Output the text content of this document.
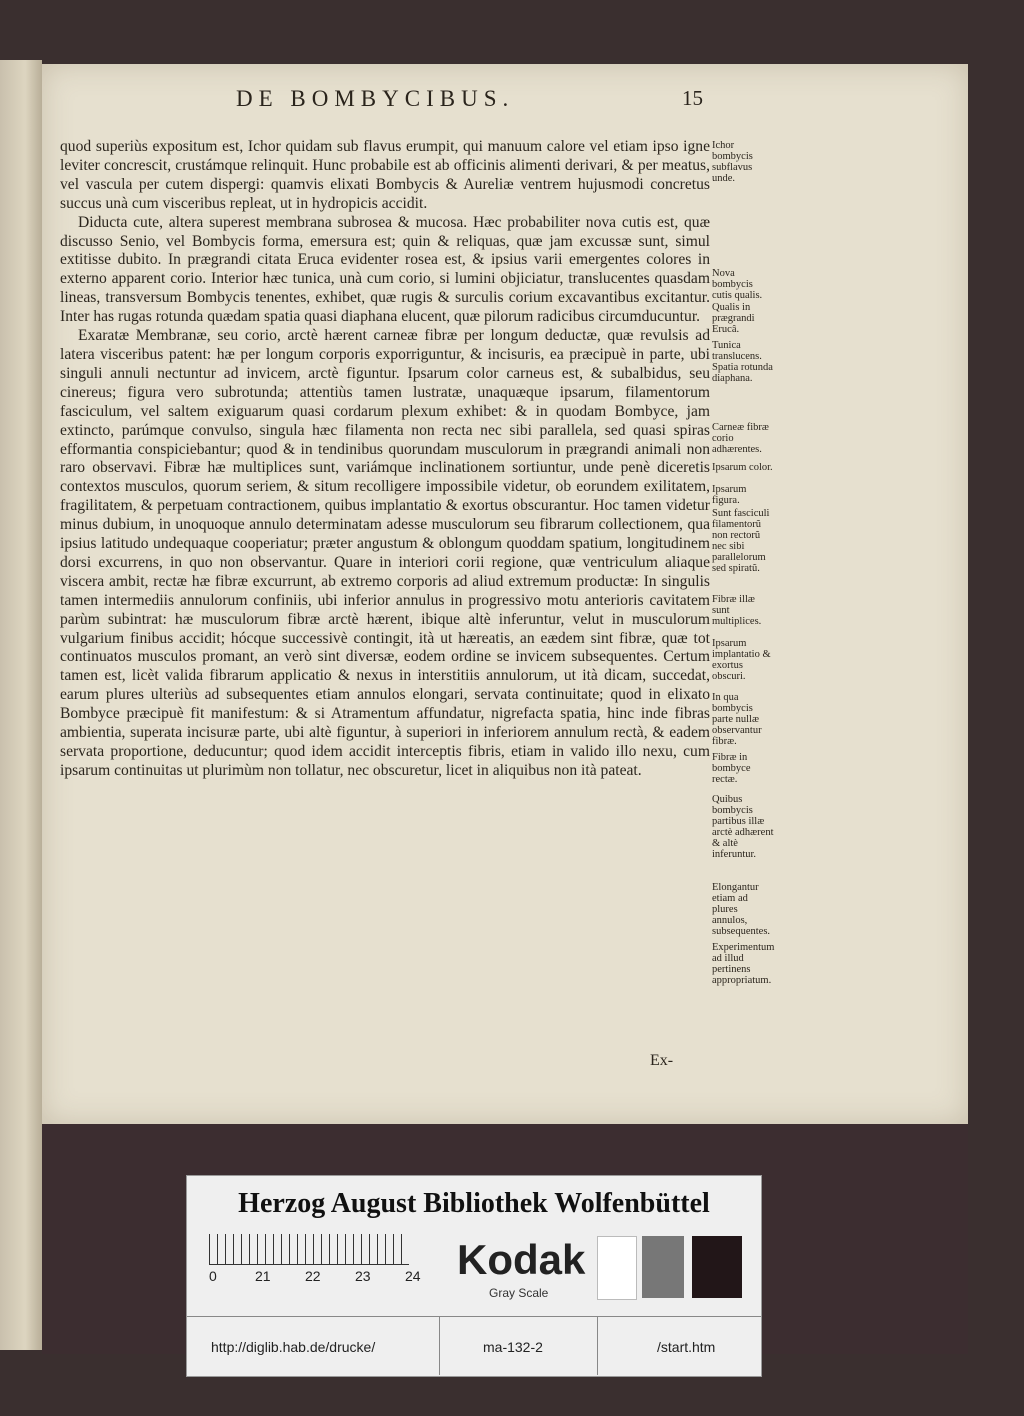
DE BOMBYCIBUS.	15

quod superiùs expositum est, Ichor quidam sub flavus erumpit, qui manuum calore vel etiam ipso igne leviter concrescit, crustámque relinquit. Hunc probabile est ab officinis alimenti derivari, & per meatus, vel vascula per cutem dispergi: quamvis elixati Bombycis & Aureliæ ventrem hujusmodi concretus succus unà cum visceribus repleat, ut in hydropicis accidit.

Diducta cute, altera superest membrana subrosea & mucosa. Hæc probabiliter nova cutis est, quæ discusso Senio, vel Bombycis forma, emersura est; quin & reliquas, quæ jam excussæ sunt, simul extitisse dubito. In prægrandi citata Eruca evidenter rosea est, & ipsius varii emergentes colores in externo apparent corio. Interior hæc tunica, unà cum corio, si lumini objiciatur, translucentes quasdam lineas, transversum Bombycis tenentes, exhibet, quæ rugis & surculis corium excavantibus excitantur. Inter has rugas rotunda quædam spatia quasi diaphana elucent, quæ pilorum radicibus circumducuntur.

Exaratæ Membranæ, seu corio, arctè hærent carneæ fibræ per longum deductæ, quæ revulsis ad latera visceribus patent: hæ per longum corporis exporriguntur, & incisuris, ea præcipuè in parte, ubi singuli annuli nectuntur ad invicem, arctè figuntur. Ipsarum color carneus est, & subalbidus, seu cinereus; figura vero subrotunda; attentiùs tamen lustratæ, unaquæque ipsarum, filamentorum fasciculum, vel saltem exiguarum quasi cordarum plexum exhibet: & in quodam Bombyce, jam extincto, parúmque convulso, singula hæc filamenta non recta nec sibi parallela, sed quasi spiras efformantia conspiciebantur; quod & in tendinibus quorundam musculorum in prægrandi animali non raro observavi. Fibræ hæ multiplices sunt, variámque inclinationem sortiuntur, unde penè diceretis contextos musculos, quorum seriem, & situm recolligere impossibile videtur, ob eorundem exilitatem, fragilitatem, & perpetuam contractionem, quibus implantatio & exortus obscurantur. Hoc tamen videtur minus dubium, in unoquoque annulo determinatam adesse musculorum seu fibrarum collectionem, qua ipsius latitudo undequaque cooperiatur; præter angustum & oblongum quoddam spatium, longitudinem dorsi excurrens, in quo non observantur. Quare in interiori corii regione, quæ ventriculum aliaque viscera ambit, rectæ hæ fibræ excurrunt, ab extremo corporis ad aliud extremum productæ: In singulis tamen intermediis annulorum confiniis, ubi inferior annulus in progressivo motu anterioris cavitatem parùm subintrat: hæ musculorum fibræ arctè hærent, ibique altè inferuntur, velut in musculorum vulgarium finibus accidit; hócque successivè contingit, ità ut hæreatis, an eædem sint fibræ, quæ tot continuatos musculos promant, an verò sint diversæ, eodem ordine se invicem subsequentes. Certum tamen est, licèt valida fibrarum applicatio & nexus in interstitiis annulorum, ut ità dicam, succedat, earum plures ulteriùs ad subsequentes etiam annulos elongari, servata continuitate; quod in elixato Bombyce præcipuè fit manifestum: & si Atramentum affundatur, nigrefacta spatia, hinc inde fibras ambientia, superata incisuræ parte, ubi altè figuntur, à superiori in inferiorem annulum rectà, & eadem servata proportione, deducuntur; quod idem accidit interceptis fibris, etiam in valido illo nexu, cum ipsarum continuitas ut plurimùm non tollatur, nec obscuretur, licet in aliquibus non ità pateat.

Ichor bombycis subflavus unde.
Nova bombycis cutis qualis.
Qualis in prægrandi Erucâ.
Tunica translucens. Spatia rotunda diaphana.
Carneæ fibræ corio adhærentes.
Ipsarum color.
Ipsarum figura.
Sunt fasciculi filamentorũ non rectorũ nec sibi parallelorum sed spiratũ.
Fibræ illæ sunt multiplices.
Ipsarum implantatio & exortus obscuri.
In qua bombycis parte nullæ observantur fibræ.
Fibræ in bombyce rectæ.
Quibus bombycis partibus illæ arctè adhærent & altè inferuntur.
Elongantur etiam ad plures annulos, subsequentes.
Experimentum ad illud pertinens appropriatum.
Ex-
Herzog August Bibliothek Wolfenbüttel
0	21 22 23 24 Kodak
Gray Scale
http://diglib.hab.de/drucke/	ma-132-2	/start.htm
